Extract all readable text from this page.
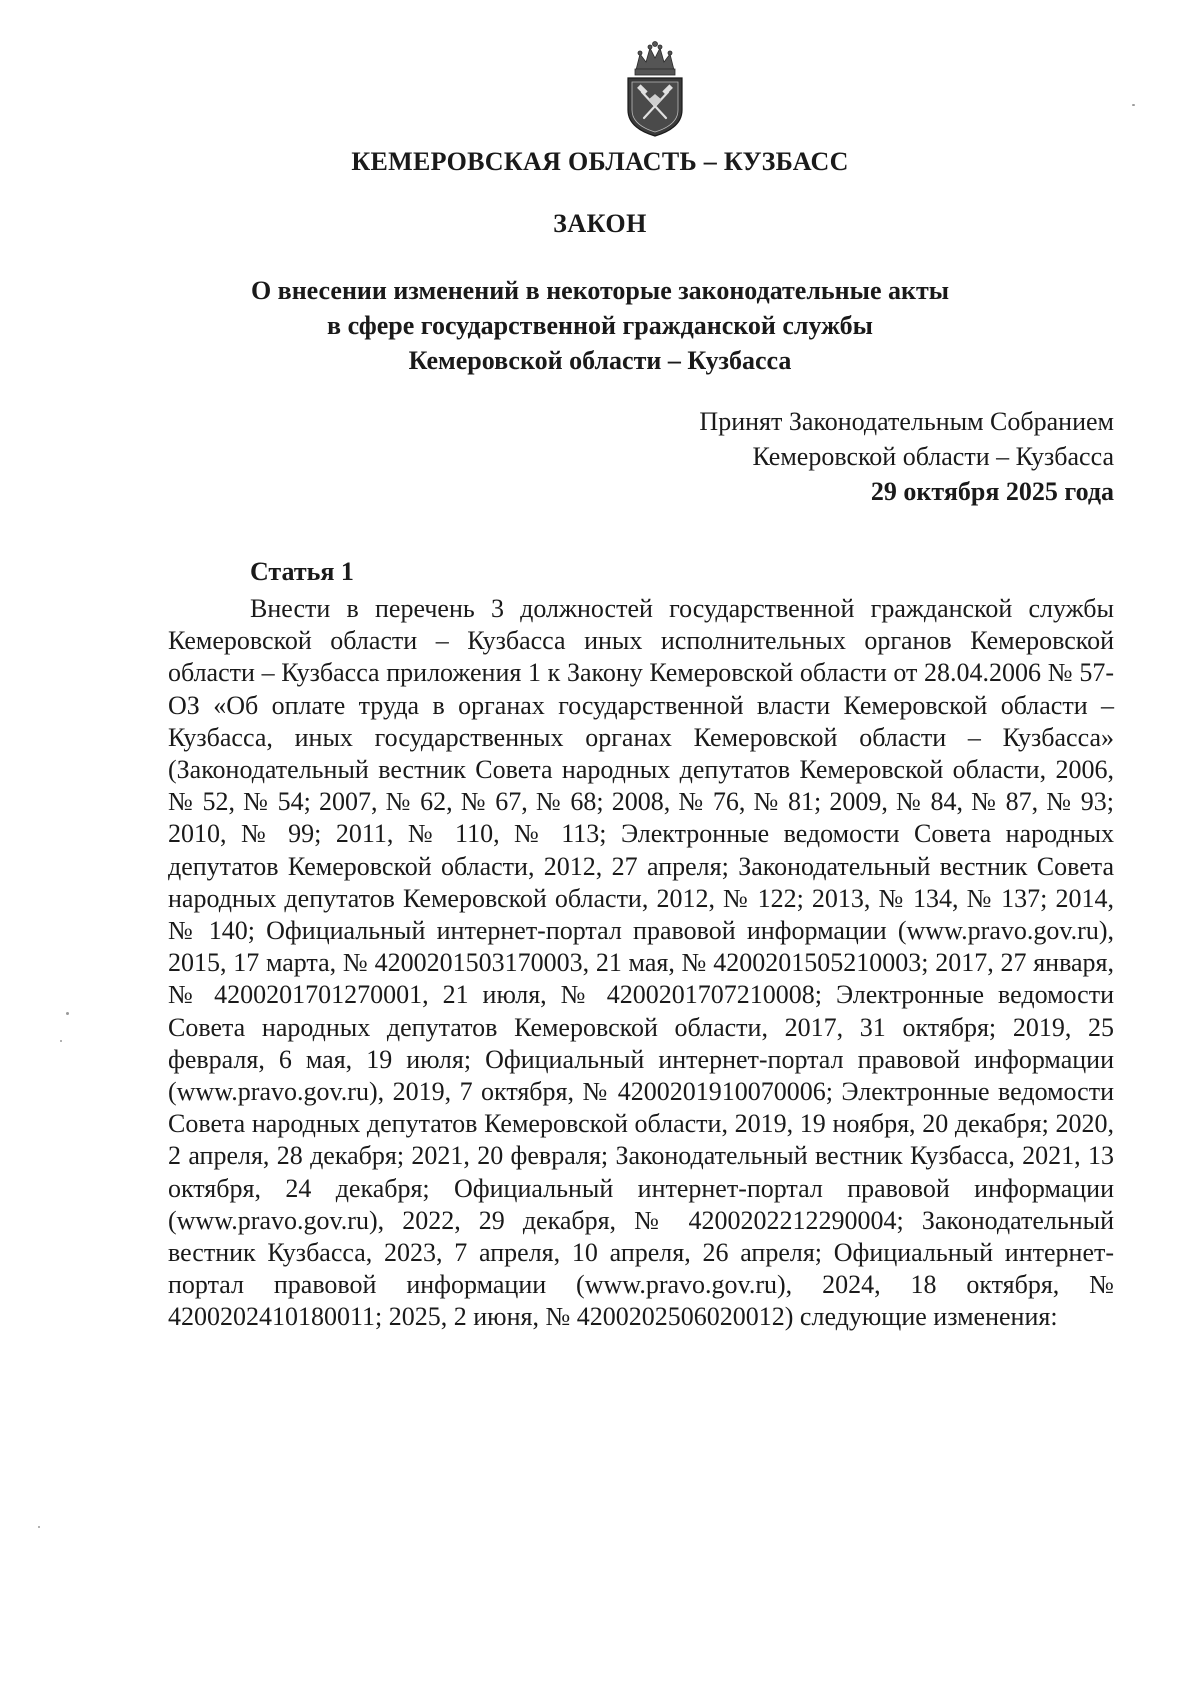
КЕМЕРОВСКАЯ ОБЛАСТЬ – КУЗБАСС
ЗАКОН
О внесении изменений в некоторые законодательные акты
в сфере государственной гражданской службы
Кемеровской области – Кузбасса
Принят Законодательным Собранием
Кемеровской области – Кузбасса
29 октября 2025 года
Статья 1

Внести в перечень 3 должностей государственной гражданской службы Кемеровской области – Кузбасса иных исполнительных органов Кемеровской области – Кузбасса приложения 1 к Закону Кемеровской области от 28.04.2006 № 57-ОЗ «Об оплате труда в органах государственной власти Кемеровской области – Кузбасса, иных государственных органах Кемеровской области – Кузбасса» (Законодательный вестник Совета народных депутатов Кемеровской области, 2006, № 52, № 54; 2007, № 62, № 67, № 68; 2008, № 76, № 81; 2009, № 84, № 87, № 93; 2010, № 99; 2011, № 110, № 113; Электронные ведомости Совета народных депутатов Кемеровской области, 2012, 27 апреля; Законодательный вестник Совета народных депутатов Кемеровской области, 2012, № 122; 2013, № 134, № 137; 2014, № 140; Официальный интернет-портал правовой информации (www.pravo.gov.ru), 2015, 17 марта, № 4200201503170003, 21 мая, № 4200201505210003; 2017, 27 января, № 4200201701270001, 21 июля, № 4200201707210008; Электронные ведомости Совета народных депутатов Кемеровской области, 2017, 31 октября; 2019, 25 февраля, 6 мая, 19 июля; Официальный интернет-портал правовой информации (www.pravo.gov.ru), 2019, 7 октября, № 4200201910070006; Электронные ведомости Совета народных депутатов Кемеровской области, 2019, 19 ноября, 20 декабря; 2020, 2 апреля, 28 декабря; 2021, 20 февраля; Законодательный вестник Кузбасса, 2021, 13 октября, 24 декабря; Официальный интернет-портал правовой информации (www.pravo.gov.ru), 2022, 29 декабря, № 4200202212290004; Законодательный вестник Кузбасса, 2023, 7 апреля, 10 апреля, 26 апреля; Официальный интернет-портал правовой информации (www.pravo.gov.ru), 2024, 18 октября, № 4200202410180011; 2025, 2 июня, № 4200202506020012) следующие изменения:
